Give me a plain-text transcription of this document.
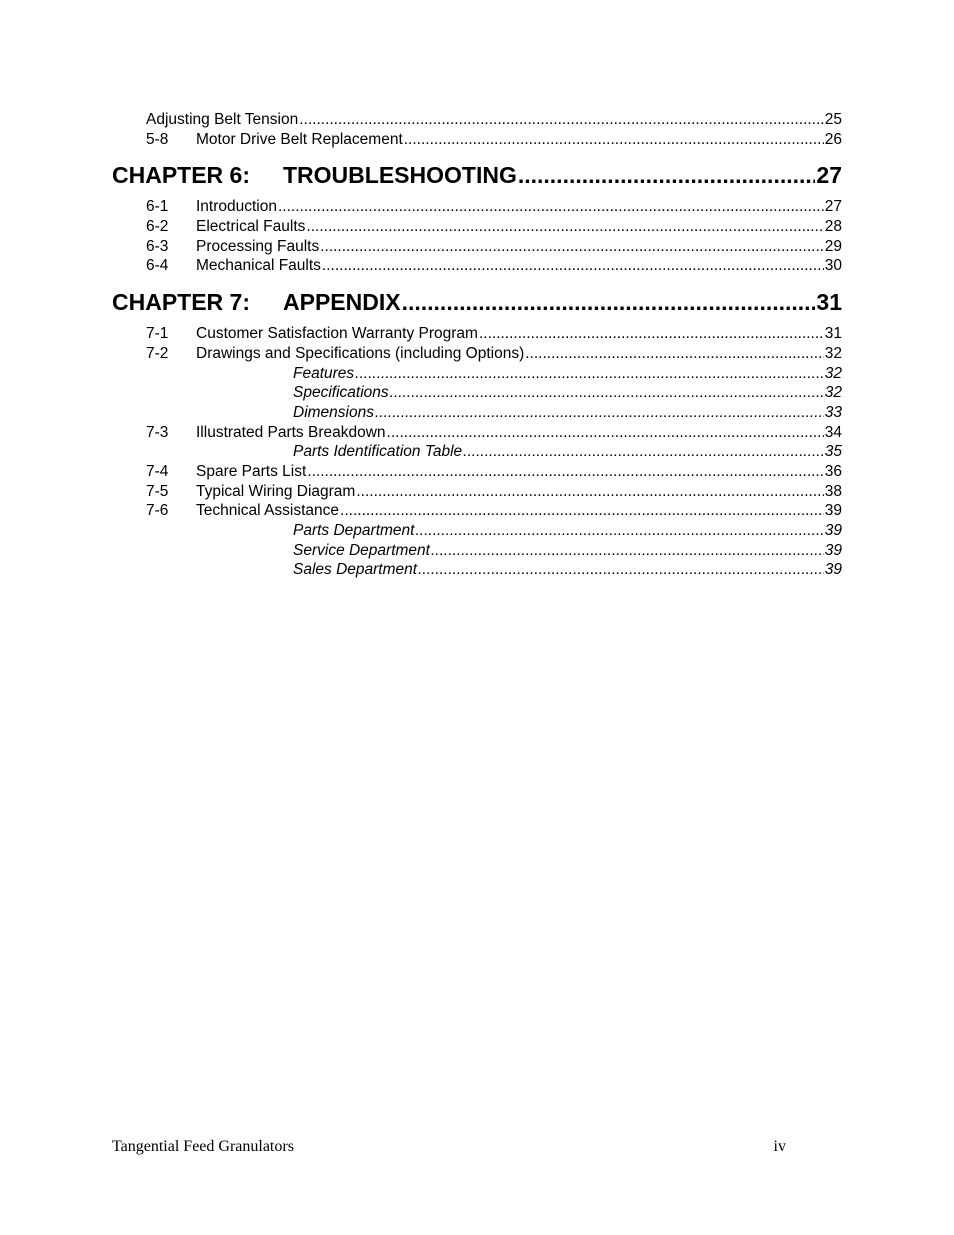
Adjusting Belt Tension .....	25
5-8	Motor Drive Belt Replacement .....	26
CHAPTER 6:	TROUBLESHOOTING .....	27
6-1	Introduction .....	27
6-2	Electrical Faults .....	28
6-3	Processing Faults .....	29
6-4	Mechanical Faults .....	30
CHAPTER 7:	APPENDIX .....	31
7-1	Customer Satisfaction Warranty Program .....	31
7-2	Drawings and Specifications (including Options) .....	32
Features .....	32
Specifications .....	32
Dimensions .....	33
7-3	Illustrated Parts Breakdown .....	34
Parts Identification Table .....	35
7-4	Spare Parts List .....	36
7-5	Typical Wiring Diagram .....	38
7-6	Technical Assistance .....	39
Parts Department .....	39
Service Department .....	39
Sales Department .....	39
Tangential Feed Granulators	iv
